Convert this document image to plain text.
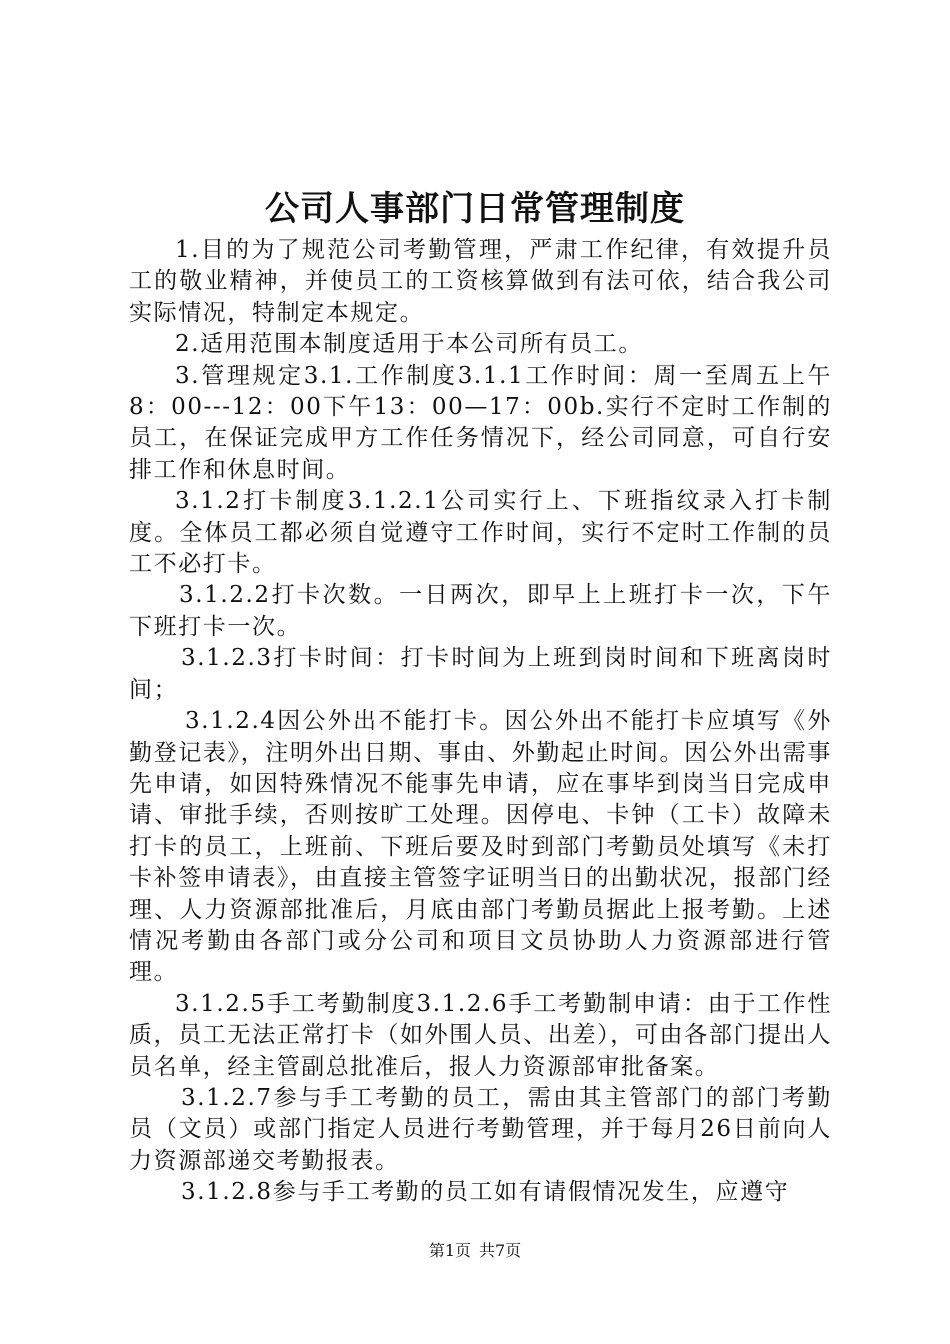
公司人事部门日常管理制度

1.目的为了规范公司考勤管理，严肃工作纪律，有效提升员工的敬业精神，并使员工的工资核算做到有法可依，结合我公司实际情况，特制定本规定。

2.适用范围本制度适用于本公司所有员工。

3.管理规定3.1.工作制度3.1.1工作时间：周一至周五上午8：00---12：00下午13：00—17：00b.实行不定时工作制的员工，在保证完成甲方工作任务情况下，经公司同意，可自行安排工作和休息时间。

3.1.2打卡制度3.1.2.1公司实行上、下班指纹录入打卡制度。全体员工都必须自觉遵守工作时间，实行不定时工作制的员工不必打卡。

3.1.2.2打卡次数。一日两次，即早上上班打卡一次，下午下班打卡一次。

3.1.2.3打卡时间：打卡时间为上班到岗时间和下班离岗时间；

3.1.2.4因公外出不能打卡。因公外出不能打卡应填写《外勤登记表》，注明外出日期、事由、外勤起止时间。因公外出需事先申请，如因特殊情况不能事先申请，应在事毕到岗当日完成申请、审批手续，否则按旷工处理。因停电、卡钟（工卡）故障未打卡的员工，上班前、下班后要及时到部门考勤员处填写《未打卡补签申请表》，由直接主管签字证明当日的出勤状况，报部门经理、人力资源部批准后，月底由部门考勤员据此上报考勤。上述情况考勤由各部门或分公司和项目文员协助人力资源部进行管理。

3.1.2.5手工考勤制度3.1.2.6手工考勤制申请：由于工作性质，员工无法正常打卡（如外围人员、出差），可由各部门提出人员名单，经主管副总批准后，报人力资源部审批备案。

3.1.2.7参与手工考勤的员工，需由其主管部门的部门考勤员（文员）或部门指定人员进行考勤管理，并于每月26日前向人力资源部递交考勤报表。

3.1.2.8参与手工考勤的员工如有请假情况发生，应遵守

第1页 共7页
